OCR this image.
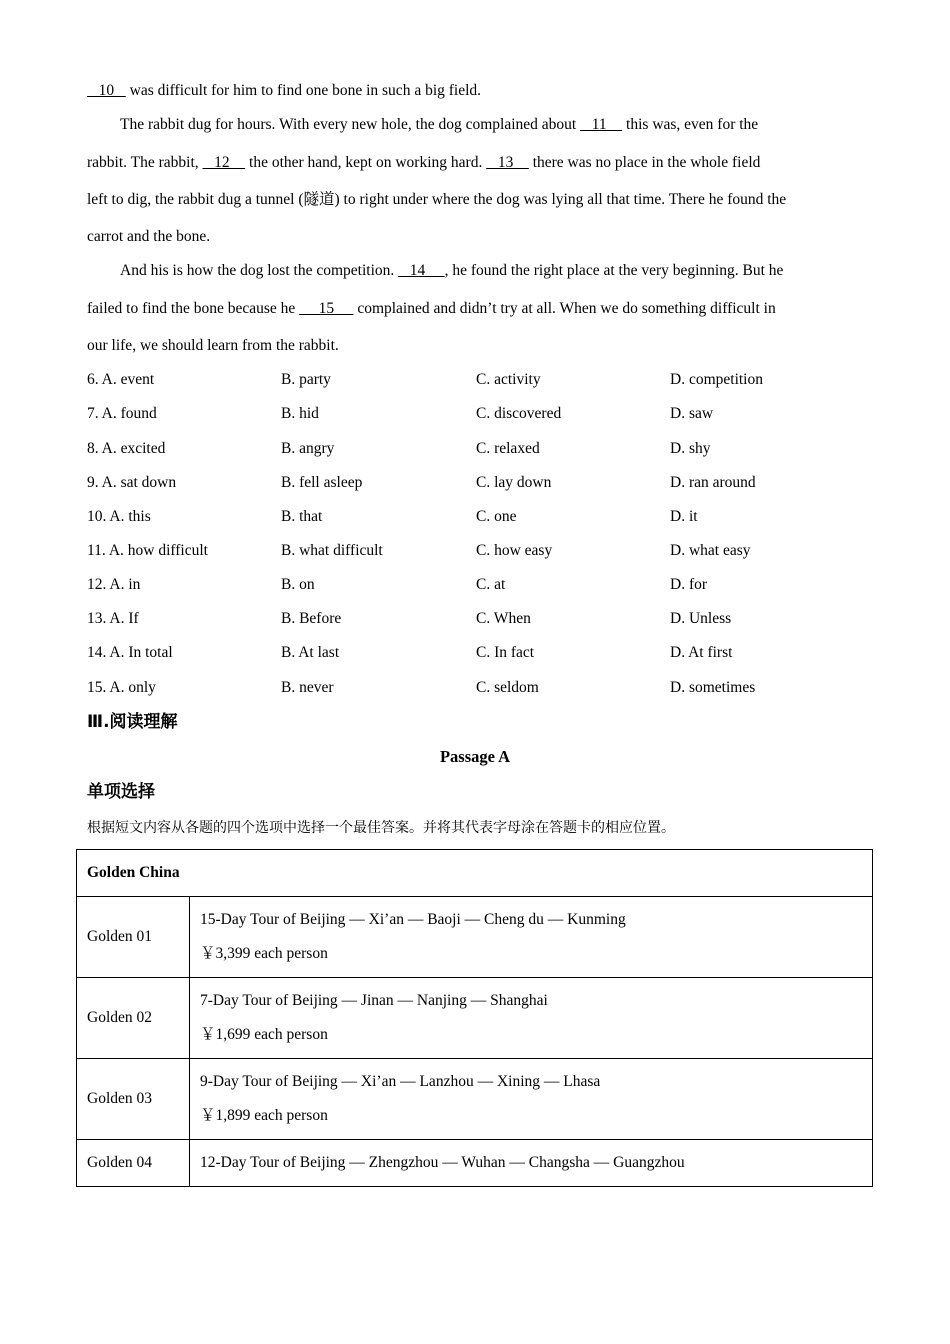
10    was difficult for him to find one bone in such a big field.
The rabbit dug for hours. With every new hole, the dog complained about    11     this was, even for the
rabbit. The rabbit,    12     the other hand, kept on working hard.    13     there was no place in the whole field
left to dig, the rabbit dug a tunnel (隧道) to right under where the dog was lying all that time. There he found the
carrot and the bone.
And his is how the dog lost the competition.    14     , he found the right place at the very beginning. But he
failed to find the bone because he      15      complained and didn’t try at all. When we do something difficult in
our life, we should learn from the rabbit.
6. A. event	B. party	C. activity	D. competition
7. A. found	B. hid	C. discovered	D. saw
8. A. excited	B. angry	C. relaxed	D. shy
9. A. sat down	B. fell asleep	C. lay down	D. ran around
10. A. this	B. that	C. one	D. it
11. A. how difficult	B. what difficult	C. how easy	D. what easy
12. A. in	B. on	C. at	D. for
13. A. If	B. Before	C. When	D. Unless
14. A. In total	B. At last	C. In fact	D. At first
15. A. only	B. never	C. seldom	D. sometimes
Ⅲ.阅读理解
Passage A
单项选择
根据短文内容从各题的四个选项中选择一个最佳答案。并将其代表字母涂在答题卡的相应位置。
Golden China	
Golden 01	15-Day Tour of Beijing — Xi’an — Baoji — Cheng du — Kunming
￥3,399 each person

Golden 02	7-Day Tour of Beijing — Jinan — Nanjing — Shanghai
￥1,699 each person

Golden 03	9-Day Tour of Beijing — Xi’an — Lanzhou — Xining — Lhasa
￥1,899 each person

Golden 04	12-Day Tour of Beijing — Zhengzhou — Wuhan — Changsha — Guangzhou
